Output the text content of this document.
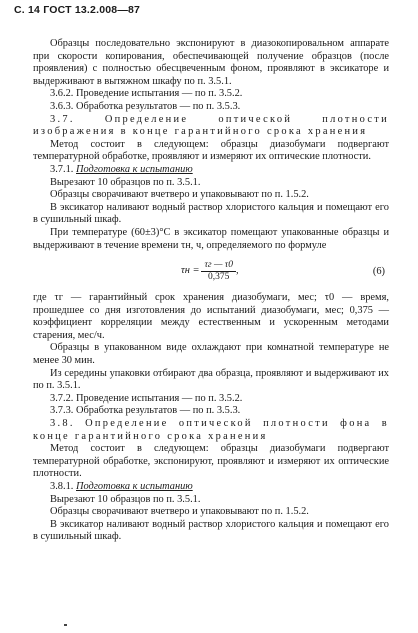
С. 14 ГОСТ 13.2.008—87

Образцы последовательно экспонируют в диазокопировальном аппарате при скорости копирования, обеспечивающей получение образцов (после проявления) с полностью обесцвеченным фоном, проявляют в эксикаторе и выдерживают в вытяжном шкафу по п. 3.5.1.

3.6.2. Проведение испытания — по п. 3.5.2.

3.6.3. Обработка результатов — по п. 3.5.3.

3.7. Определение оптической плотности изображения в конце гарантийного срока хранения

Метод состоит в следующем: образцы диазобумаги подвергают температурной обработке, проявляют и измеряют их оптические плотности.

3.7.1. Подготовка к испытанию

Вырезают 10 образцов по п. 3.5.1.

Образцы сворачивают вчетверо и упаковывают по п. 1.5.2.

В эксикатор наливают водный раствор хлористого кальция и помещают его в сушильный шкаф.

При температуре (60±3)°C в эксикатор помещают упакованные образцы и выдерживают в течение времени τн, ч, определяемого по формуле

$\tau н = \frac{\tau г — \tau 0}{0,375}$ ,	(6)

где τг — гарантийный срок хранения диазобумаги, мес; τ0 — время, прошедшее со дня изготовления до испытаний диазобумаги, мес; 0,375 — коэффициент корреляции между естественным и ускоренным методами старения, мес/ч.

Образцы в упакованном виде охлаждают при комнатной температуре не менее 30 мин.

Из середины упаковки отбирают два образца, проявляют и выдерживают их по п. 3.5.1.

3.7.2. Проведение испытания — по п. 3.5.2.

3.7.3. Обработка результатов — по п. 3.5.3.

3.8. Определение оптической плотности фона в конце гарантийного срока хранения

Метод состоит в следующем: образцы диазобумаги подвергают температурной обработке, экспонируют, проявляют и измеряют их оптические плотности.

3.8.1. Подготовка к испытанию

Вырезают 10 образцов по п. 3.5.1.

Образцы сворачивают вчетверо и упаковывают по п. 1.5.2.

В эксикатор наливают водный раствор хлористого кальция и помещают его в сушильный шкаф.
